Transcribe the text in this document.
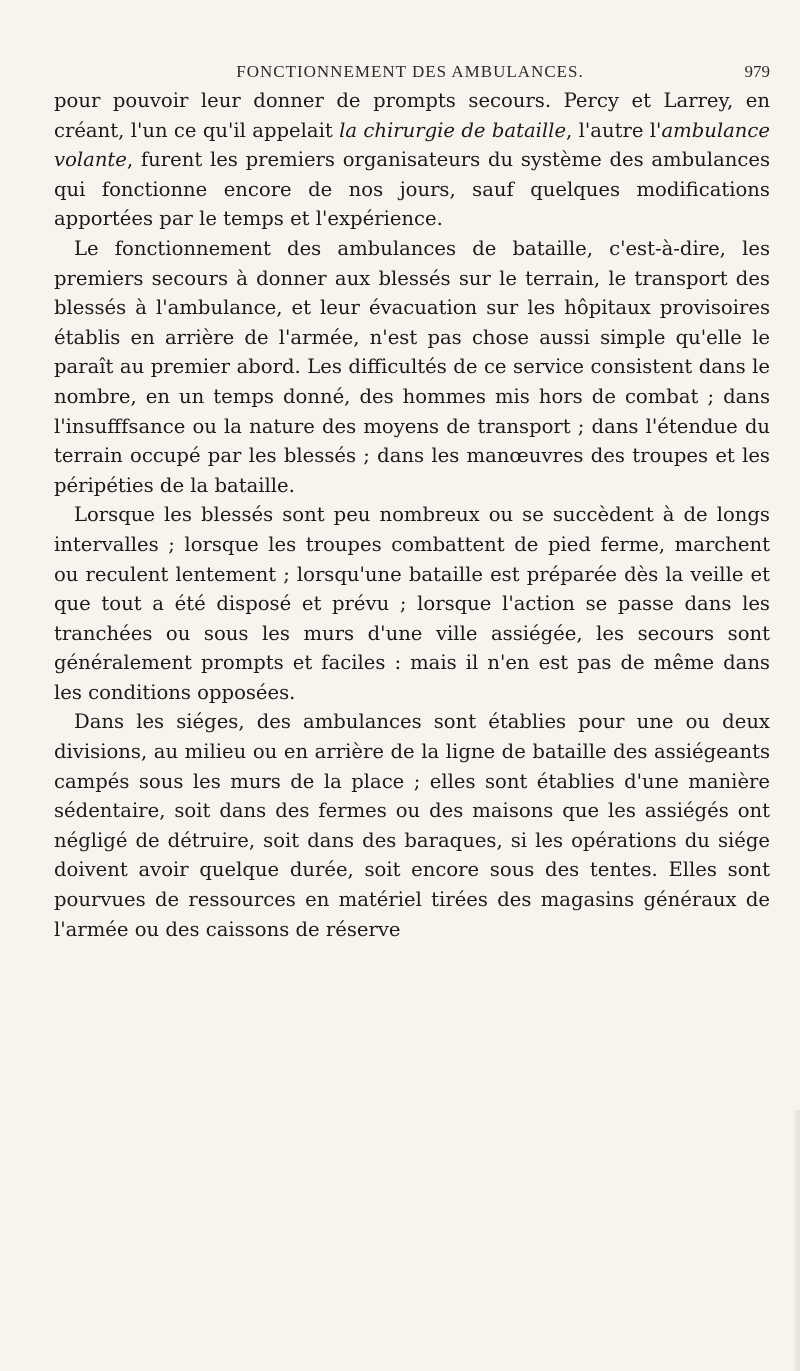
FONCTIONNEMENT DES AMBULANCES.	979

pour pouvoir leur donner de prompts secours. Percy et Larrey, en créant, l'un ce qu'il appelait la chirurgie de bataille, l'autre l'ambulance volante, furent les premiers organisateurs du système des ambulances qui fonctionne encore de nos jours, sauf quelques modifications apportées par le temps et l'expérience.

Le fonctionnement des ambulances de bataille, c'est-à-dire, les premiers secours à donner aux blessés sur le terrain, le transport des blessés à l'ambulance, et leur évacuation sur les hôpitaux provisoires établis en arrière de l'armée, n'est pas chose aussi simple qu'elle le paraît au premier abord. Les difficultés de ce service consistent dans le nombre, en un temps donné, des hommes mis hors de combat ; dans l'insufffsance ou la nature des moyens de transport ; dans l'étendue du terrain occupé par les blessés ; dans les manœuvres des troupes et les péripéties de la bataille.

Lorsque les blessés sont peu nombreux ou se succèdent à de longs intervalles ; lorsque les troupes combattent de pied ferme, marchent ou reculent lentement ; lorsqu'une bataille est préparée dès la veille et que tout a été disposé et prévu ; lorsque l'action se passe dans les tranchées ou sous les murs d'une ville assiégée, les secours sont généralement prompts et faciles : mais il n'en est pas de même dans les conditions opposées.

Dans les siéges, des ambulances sont établies pour une ou deux divisions, au milieu ou en arrière de la ligne de bataille des assiégeants campés sous les murs de la place ; elles sont établies d'une manière sédentaire, soit dans des fermes ou des maisons que les assiégés ont négligé de détruire, soit dans des baraques, si les opérations du siége doivent avoir quelque durée, soit encore sous des tentes. Elles sont pourvues de ressources en matériel tirées des magasins généraux de l'armée ou des caissons de réserve
